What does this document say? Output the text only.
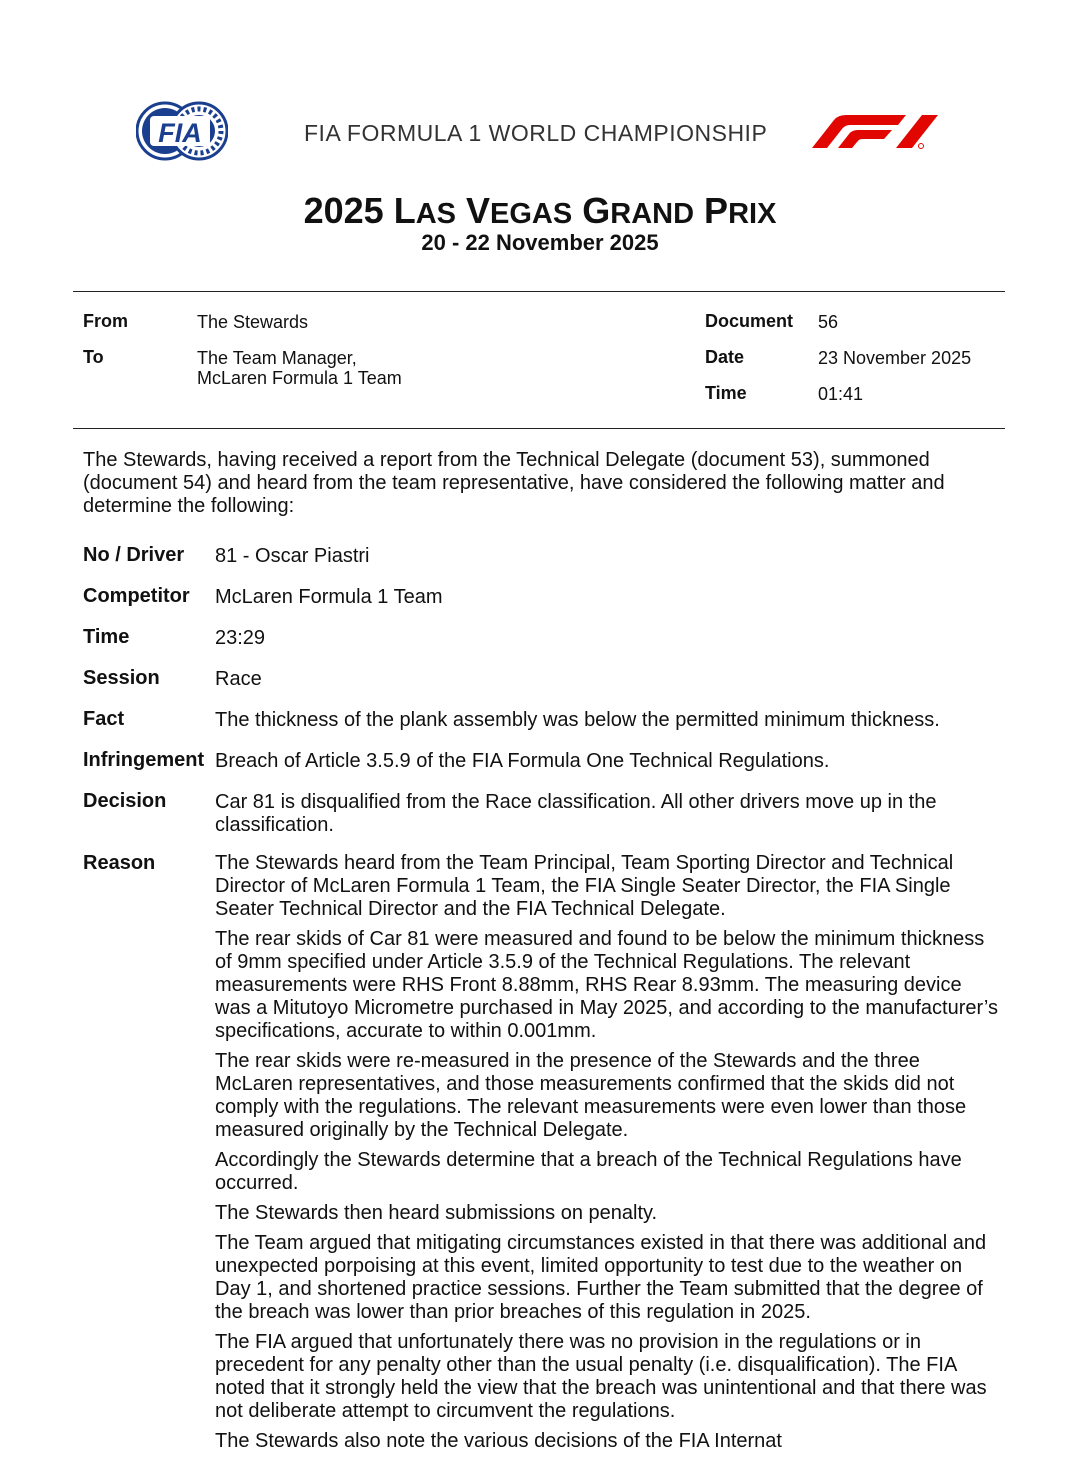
FIA	FIA FORMULA 1 WORLD CHAMPIONSHIP
2025 LAS VEGAS GRAND PRIX
20 - 22 November 2025
From	The Stewards
To	The Team Manager,
McLaren Formula 1 Team
Document 56
Date	23 November 2025
Time	01:41
The Stewards, having received a report from the Technical Delegate (document 53), summoned (document 54) and heard from the team representative, have considered the following matter and determine the following:
No / Driver 81 - Oscar Piastri
Competitor McLaren Formula 1 Team
Time	23:29
Session	Race
Fact	The thickness of the plank assembly was below the permitted minimum thickness.
Infringement Breach of Article 3.5.9 of the FIA Formula One Technical Regulations.
Decision Car 81 is disqualified from the Race classification. All other drivers move up in the classification.
Reason	The Stewards heard from the Team Principal, Team Sporting Director and Technical Director of McLaren Formula 1 Team, the FIA Single Seater Director, the FIA Single Seater Technical Director and the FIA Technical Delegate.

The rear skids of Car 81 were measured and found to be below the minimum thickness of 9mm specified under Article 3.5.9 of the Technical Regulations. The relevant measurements were RHS Front 8.88mm, RHS Rear 8.93mm. The measuring device was a Mitutoyo Micrometre purchased in May 2025, and according to the manufacturer’s specifications, accurate to within 0.001mm.

The rear skids were re-measured in the presence of the Stewards and the three McLaren representatives, and those measurements confirmed that the skids did not comply with the regulations. The relevant measurements were even lower than those measured originally by the Technical Delegate.

Accordingly the Stewards determine that a breach of the Technical Regulations have occurred.

The Stewards then heard submissions on penalty.

The Team argued that mitigating circumstances existed in that there was additional and unexpected porpoising at this event, limited opportunity to test due to the weather on Day 1, and shortened practice sessions. Further the Team submitted that the degree of the breach was lower than prior breaches of this regulation in 2025.

The FIA argued that unfortunately there was no provision in the regulations or in precedent for any penalty other than the usual penalty (i.e. disqualification). The FIA noted that it strongly held the view that the breach was unintentional and that there was not deliberate attempt to circumvent the regulations.

The Stewards also note the various decisions of the FIA Internat
